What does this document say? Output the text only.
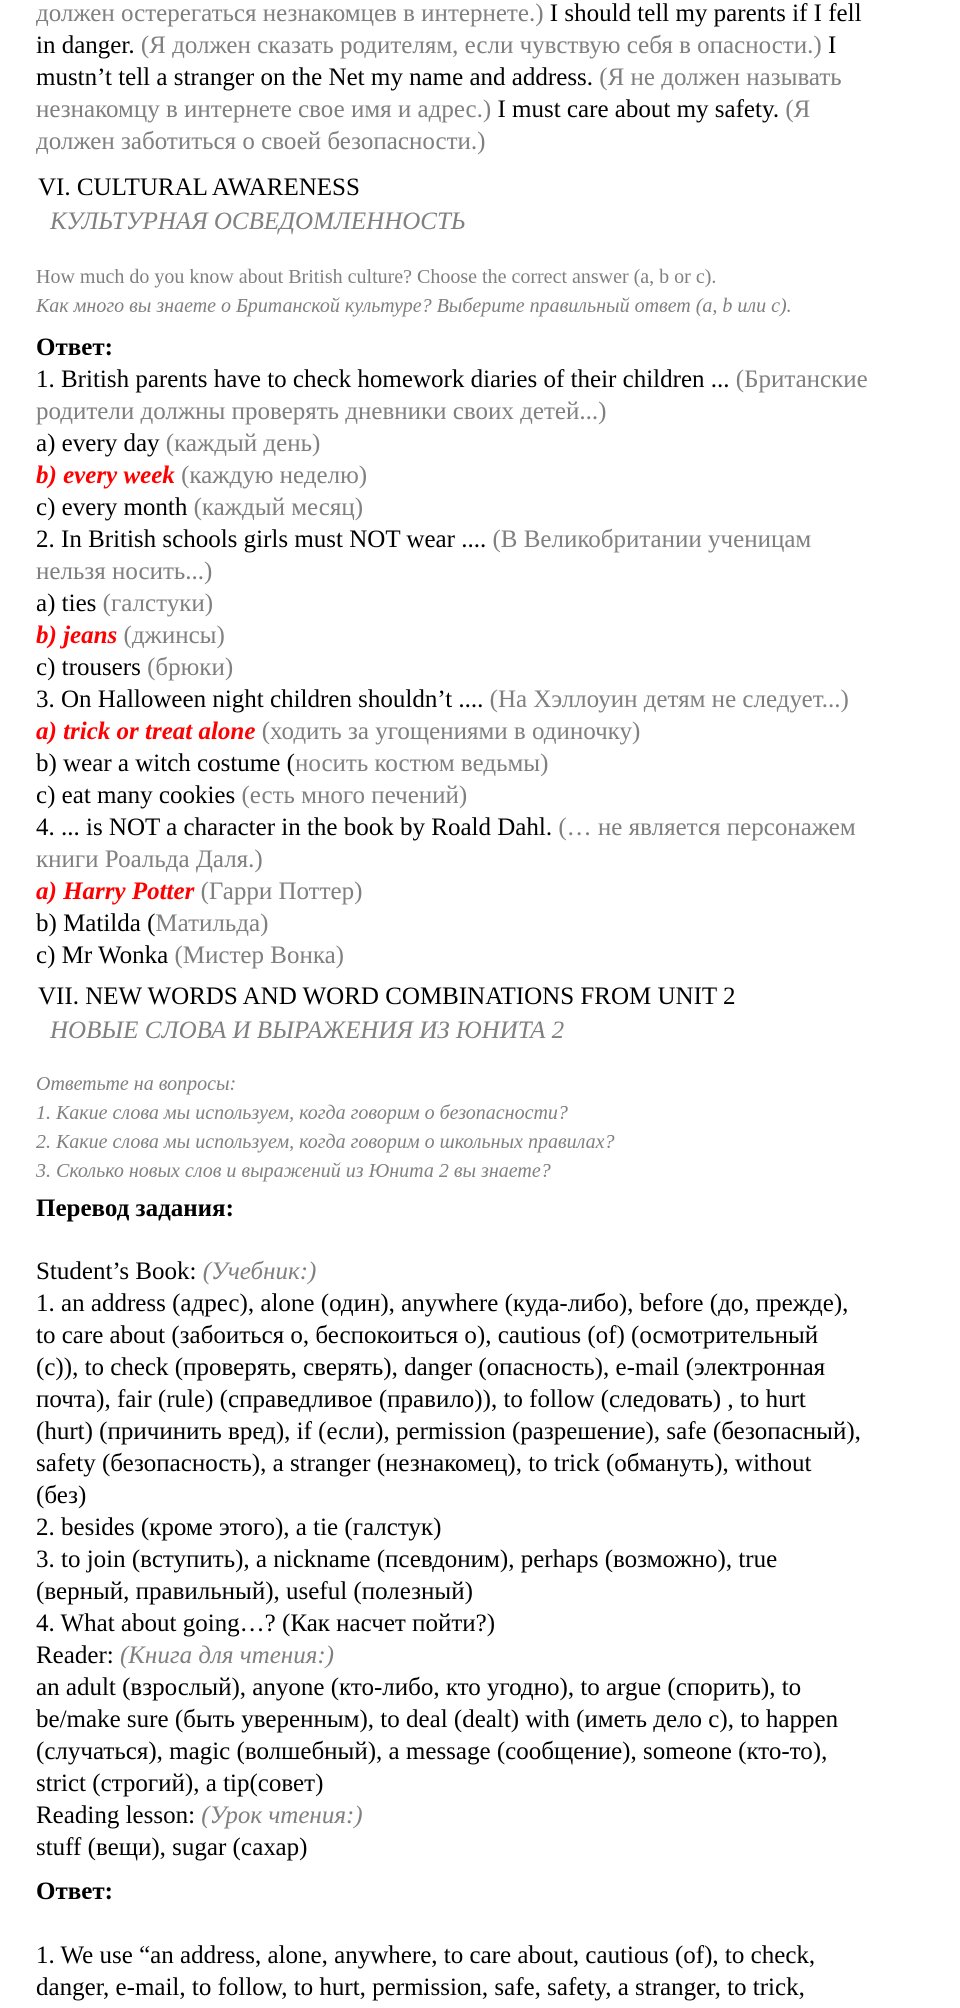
должен остерегаться незнакомцев в интернете.) I should tell my parents if I fell

in danger. (Я должен сказать родителям, если чувствую себя в опасности.) I

mustn’t tell a stranger on the Net my name and address. (Я не должен называть

незнакомцу в интернете свое имя и адрес.) I must care about my safety. (Я

должен заботиться о своей безопасности.)

VI. CULTURAL AWARENESS

КУЛЬТУРНАЯ ОСВЕДОМЛЕННОСТЬ

How much do you know about British culture? Choose the correct answer (a, b or c).

Как много вы знаете о Британской культуре? Выберите правильный ответ (a, b или c).

Ответ:

1. British parents have to check homework diaries of their children ... (Британские

родители должны проверять дневники своих детей...)

a) every day (каждый день)

b) every week (каждую неделю)

c) every month (каждый месяц)

2. In British schools girls must NOT wear .... (В Великобритании ученицам

нельзя носить...)

a) ties (галстуки)

b) jeans (джинсы)

c) trousers (брюки)

3. On Halloween night children shouldn’t .... (На Хэллоуин детям не следует...)

a) trick or treat alone (ходить за угощениями в одиночку)

b) wear a witch costume (носить костюм ведьмы)

c) eat many cookies (есть много печений)

4. ... is NOT a character in the book by Roald Dahl. (… не является персонажем

книги Роальда Даля.)

a) Harry Potter (Гарри Поттер)

b) Matilda (Матильда)

c) Mr Wonka (Мистер Вонка)

VII. NEW WORDS AND WORD COMBINATIONS FROM UNIT 2

НОВЫЕ СЛОВА И ВЫРАЖЕНИЯ ИЗ ЮНИТА 2

Ответьте на вопросы:

1. Какие слова мы используем, когда говорим о безопасности?

2. Какие слова мы используем, когда говорим о школьных правилах?

3. Сколько новых слов и выражений из Юнита 2 вы знаете?

Перевод задания:

Student’s Book: (Учебник:)

1. an address (адрес), alone (один), anywhere (куда-либо), before (до, прежде),

to care about (забоиться о, беспокоиться о), cautious (of) (осмотрительный

(с)), to check (проверять, сверять), danger (опасность), e-mail (электронная

почта), fair (rule) (справедливое (правило)), to follow (следовать) , to hurt

(hurt) (причинить вред), if (если), permission (разрешение), safe (безопасный),

safety (безопасность), a stranger (незнакомец), to trick (обмануть), without

(без)

2. besides (кроме этого), a tie (галстук)

3. to join (вступить), a nickname (псевдоним), perhaps (возможно), true

(верный, правильный), useful (полезный)

4. What about going…? (Как насчет пойти?)

Reader: (Книга для чтения:)

an adult (взрослый), anyone (кто-либо, кто угодно), to argue (спорить), to

be/make sure (быть уверенным), to deal (dealt) with (иметь дело с), to happen

(случаться), magic (волшебный), a message (сообщение), someone (кто-то),

strict (строгий), a tip(совет)

Reading lesson: (Урок чтения:)

stuff (вещи), sugar (сахар)

Ответ:

1. We use “an address, alone, anywhere, to care about, cautious (of), to check,

danger, e-mail, to follow, to hurt, permission, safe, safety, a stranger, to trick,
